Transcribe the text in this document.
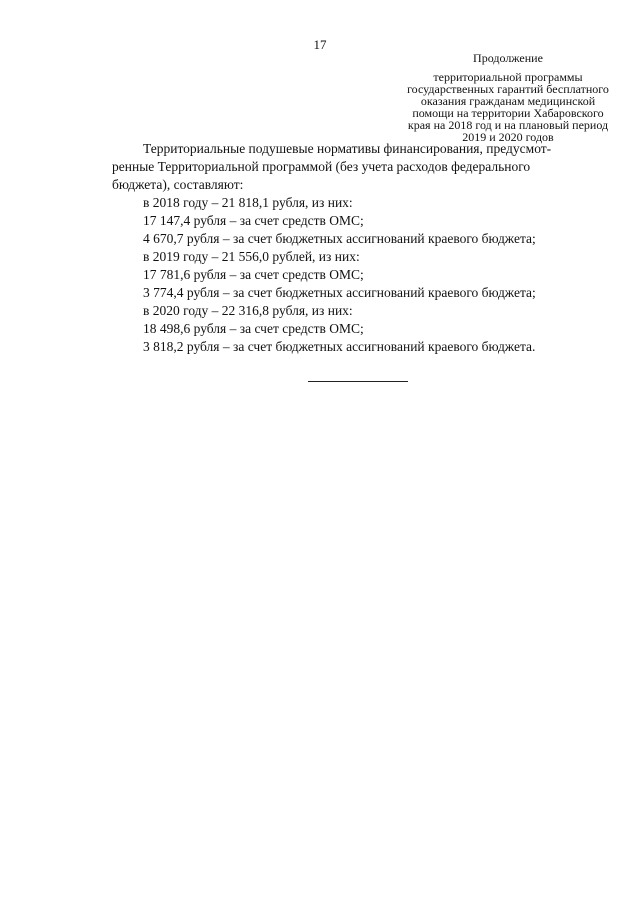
17
Продолжение
территориальной программы
государственных гарантий бесплатного
оказания гражданам медицинской
помощи на территории Хабаровского
края на 2018 год и на плановый период
2019 и 2020 годов

Территориальные подушевые нормативы финансирования, предусмот-
ренные Территориальной программой (без учета расходов федерального
бюджета), составляют:

в 2018 году – 21 818,1 рубля, из них:
17 147,4 рубля – за счет средств ОМС;
4 670,7 рубля – за счет бюджетных ассигнований краевого бюджета;
в 2019 году – 21 556,0 рублей, из них:
17 781,6 рубля – за счет средств ОМС;
3 774,4 рубля – за счет бюджетных ассигнований краевого бюджета;
в 2020 году – 22 316,8 рубля, из них:
18 498,6 рубля – за счет средств ОМС;
3 818,2 рубля – за счет бюджетных ассигнований краевого бюджета.
